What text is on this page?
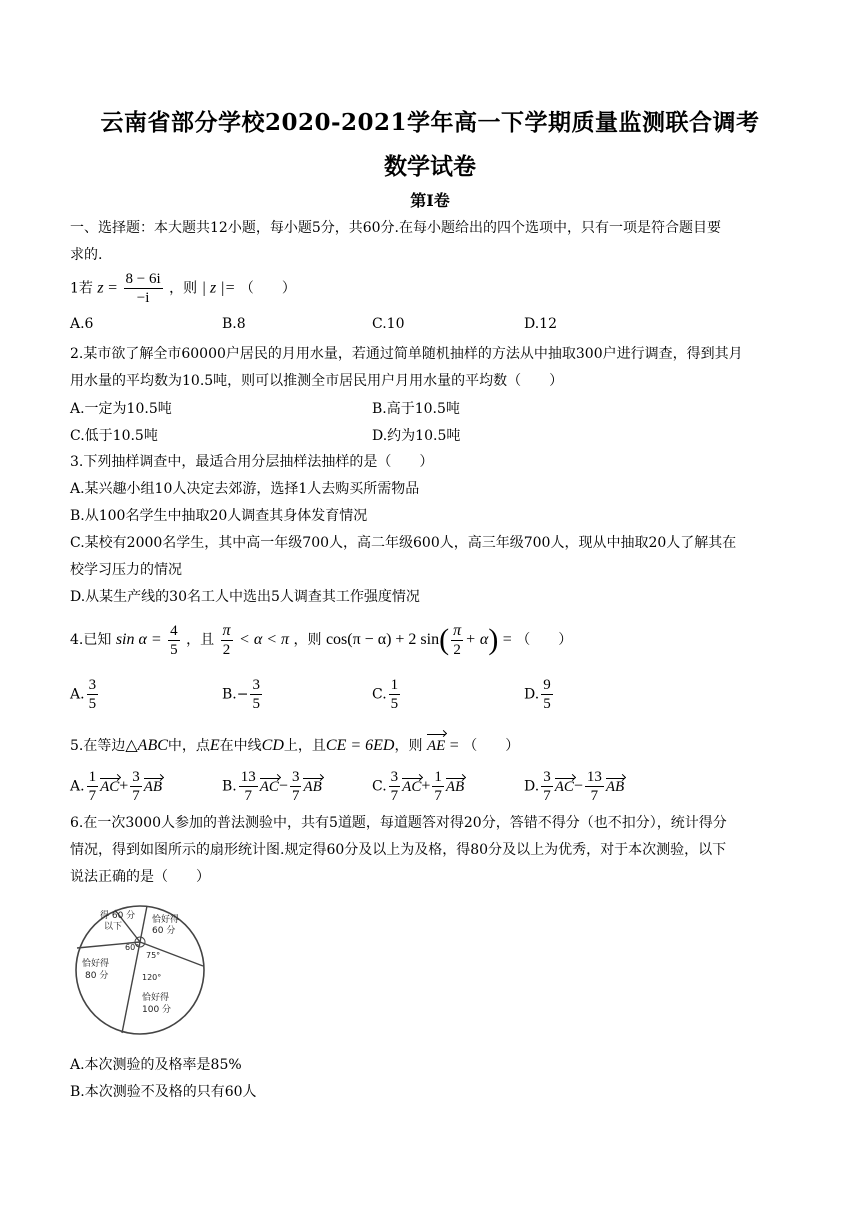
云南省部分学校2020-2021学年高一下学期质量监测联合调考
数学试卷
第Ⅰ卷
一、选择题：本大题共12小题，每小题5分，共60分.在每小题给出的四个选项中，只有一项是符合题目要
求的.
1若 $z = \frac{8 - 6i}{-i}$ ，则 | z |= （　　）
A.6	B.8	C.10	D.12
2.某市欲了解全市60000户居民的月用水量，若通过简单随机抽样的方法从中抽取300户进行调查，得到其月
用水量的平均数为10.5吨，则可以推测全市居民用户月用水量的平均数（　　）
A.一定为10.5吨	B.高于10.5吨
C.低于10.5吨	D.约为10.5吨
3.下列抽样调查中，最适合用分层抽样法抽样的是（　　）
A.某兴趣小组10人决定去郊游，选择1人去购买所需物品
B.从100名学生中抽取20人调查其身体发育情况
C.某校有2000名学生，其中高一年级700人，高二年级600人，高三年级700人，现从中抽取20人了解其在
校学习压力的情况
D.从某生产线的30名工人中选出5人调查其工作强度情况
4.已知 $\sin \alpha = \frac{4}{5}$ ，且 $\frac{\pi}{2} < \alpha < \pi$ ，则 cos(π − α) + 2 $\sin( \frac{\pi}{2} + \alpha)$ = （　　）
A. $\frac{3}{5}$	$B.- \frac{3}{5}$	C. $\frac{1}{5}$	D. $\frac{9}{5}$
5.在等边△ABC中，点E在中线CD上，且CE = 6ED，则 AE = （　　）
A. $\frac{1}{7} AC+ \frac{3}{7}$ AB	B. $\frac{13}{7} AC- \frac{3}{7}$ AB	C. $\frac{3}{7} AC+ \frac{1}{7}$ AB	D. $\frac{3}{7} AC- \frac{13}{7}$ AB
6.在一次3000人参加的普法测验中，共有5道题，每道题答对得20分，答错不得分（也不扣分），统计得分
情况，得到如图所示的扇形统计图.规定得60分及以上为及格，得80分及以上为优秀，对于本次测验，以下
说法正确的是（　　）
得 60 分
以下
恰好得
60 分
恰好得
80 分
恰好得
100 分
60°
75°
120°
A.本次测验的及格率是85%
B.本次测验不及格的只有60人
